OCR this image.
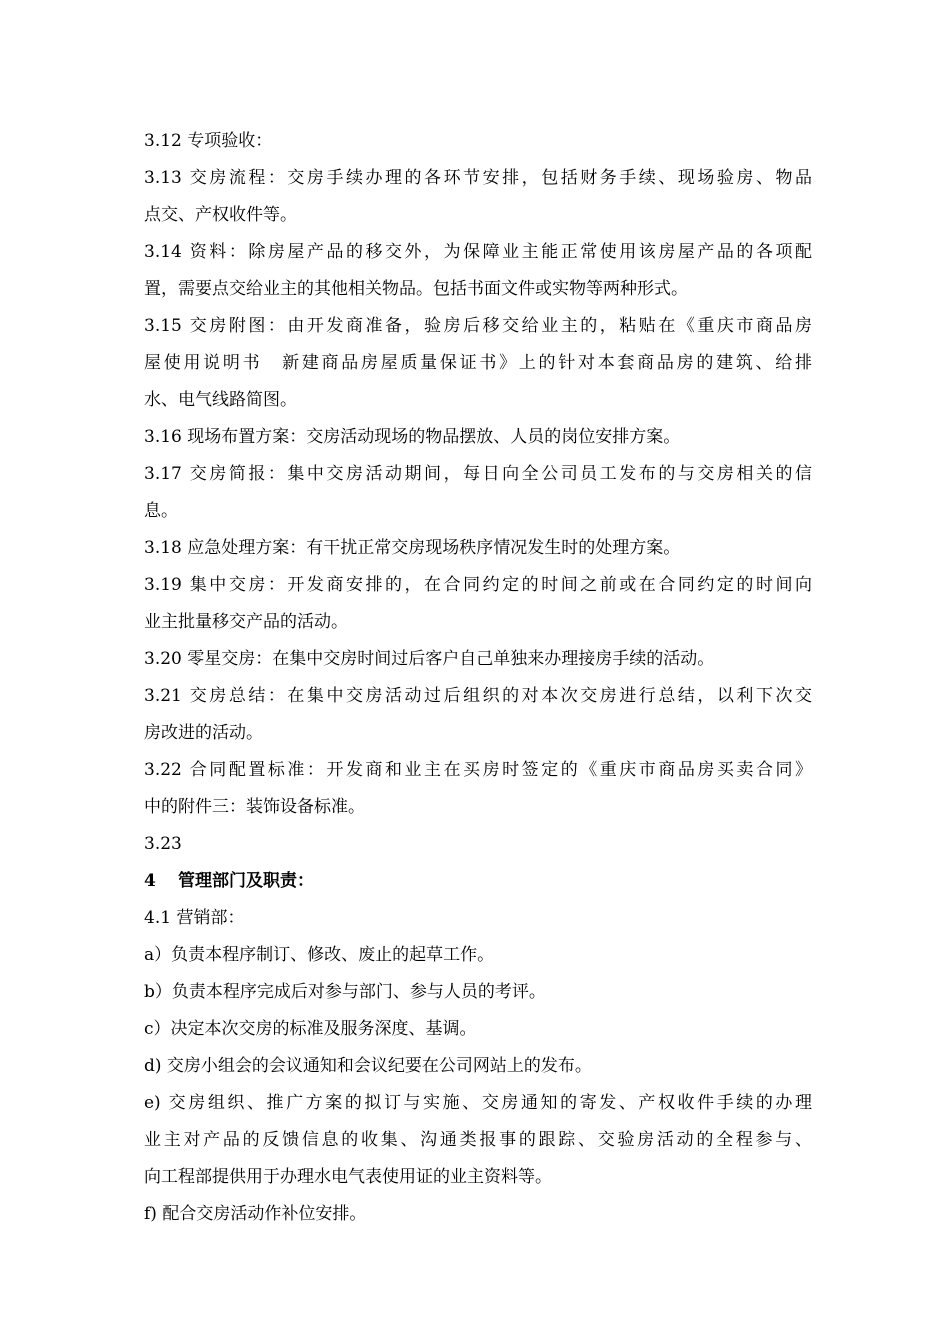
3.12 专项验收：
3.13 交房流程：交房手续办理的各环节安排，包括财务手续、现场验房、物品
点交、产权收件等。
3.14 资料：除房屋产品的移交外，为保障业主能正常使用该房屋产品的各项配
置，需要点交给业主的其他相关物品。包括书面文件或实物等两种形式。
3.15 交房附图：由开发商准备，验房后移交给业主的，粘贴在《重庆市商品房
屋使用说明书　新建商品房屋质量保证书》上的针对本套商品房的建筑、给排
水、电气线路简图。
3.16 现场布置方案：交房活动现场的物品摆放、人员的岗位安排方案。
3.17 交房简报：集中交房活动期间，每日向全公司员工发布的与交房相关的信
息。
3.18 应急处理方案：有干扰正常交房现场秩序情况发生时的处理方案。
3.19 集中交房：开发商安排的，在合同约定的时间之前或在合同约定的时间向
业主批量移交产品的活动。
3.20 零星交房：在集中交房时间过后客户自己单独来办理接房手续的活动。
3.21 交房总结：在集中交房活动过后组织的对本次交房进行总结，以利下次交
房改进的活动。
3.22 合同配置标准：开发商和业主在买房时签定的《重庆市商品房买卖合同》
中的附件三：装饰设备标准。
3.23
4 管理部门及职责：
4.1 营销部：
a）负责本程序制订、修改、废止的起草工作。
b）负责本程序完成后对参与部门、参与人员的考评。
c）决定本次交房的标准及服务深度、基调。
d) 交房小组会的会议通知和会议纪要在公司网站上的发布。
e) 交房组织、推广方案的拟订与实施、交房通知的寄发、产权收件手续的办理
业主对产品的反馈信息的收集、沟通类报事的跟踪、交验房活动的全程参与、
向工程部提供用于办理水电气表使用证的业主资料等。
f) 配合交房活动作补位安排。
